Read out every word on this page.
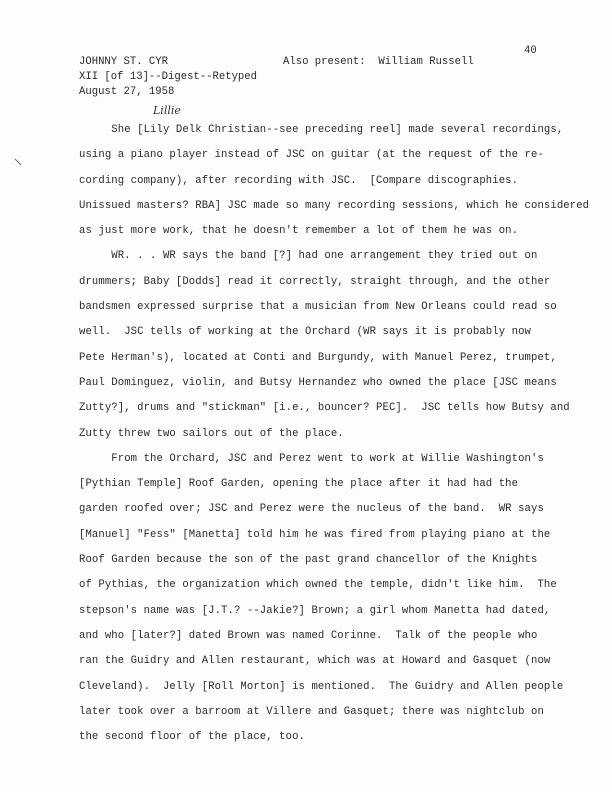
40
JOHNNY ST. CYR
XII [of 13]--Digest--Retyped
August 27, 1958
Also present:  William Russell
Lillie
She [Lily Delk Christian--see preceding reel] made several recordings,
using a piano player instead of JSC on guitar (at the request of the re-
cording company), after recording with JSC.  [Compare discographies.
Unissued masters? RBA] JSC made so many recording sessions, which he considered
as just more work, that he doesn't remember a lot of them he was on.
WR. . . WR says the band [?] had one arrangement they tried out on
drummers; Baby [Dodds] read it correctly, straight through, and the other
bandsmen expressed surprise that a musician from New Orleans could read so
well.  JSC tells of working at the Orchard (WR says it is probably now
Pete Herman's), located at Conti and Burgundy, with Manuel Perez, trumpet,
Paul Dominguez, violin, and Butsy Hernandez who owned the place [JSC means
Zutty?], drums and "stickman" [i.e., bouncer? PEC].  JSC tells how Butsy and
Zutty threw two sailors out of the place.
From the Orchard, JSC and Perez went to work at Willie Washington's
[Pythian Temple] Roof Garden, opening the place after it had had the
garden roofed over; JSC and Perez were the nucleus of the band.  WR says
[Manuel] "Fess" [Manetta] told him he was fired from playing piano at the
Roof Garden because the son of the past grand chancellor of the Knights
of Pythias, the organization which owned the temple, didn't like him.  The
stepson's name was [J.T.? --Jakie?] Brown; a girl whom Manetta had dated,
and who [later?] dated Brown was named Corinne.  Talk of the people who
ran the Guidry and Allen restaurant, which was at Howard and Gasquet (now
Cleveland).  Jelly [Roll Morton] is mentioned.  The Guidry and Allen people
later took over a barroom at Villere and Gasquet; there was nightclub on
the second floor of the place, too.
